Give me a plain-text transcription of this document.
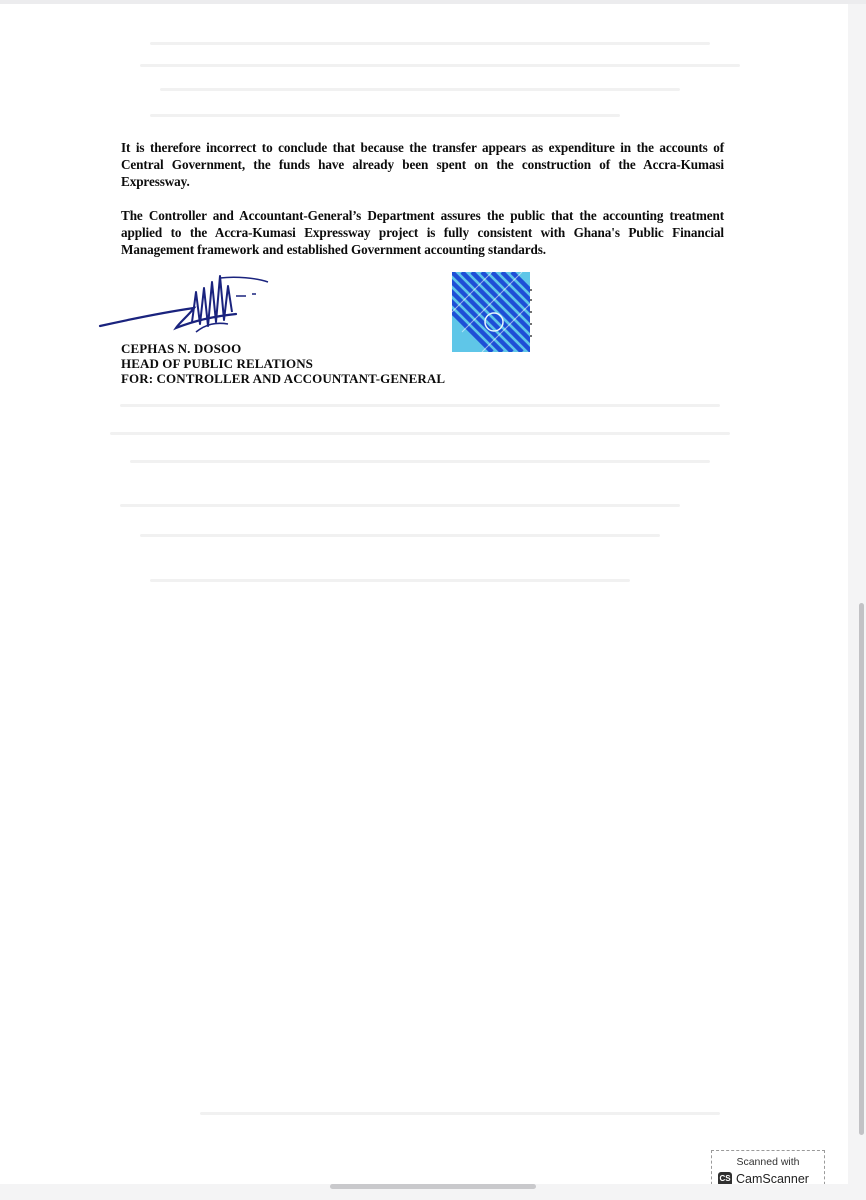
It is therefore incorrect to conclude that because the transfer appears as expenditure in the accounts of Central Government, the funds have already been spent on the construction of the Accra-Kumasi Expressway.

The Controller and Accountant-General’s Department assures the public that the accounting treatment applied to the Accra-Kumasi Expressway project is fully consistent with Ghana's Public Financial Management framework and established Government accounting standards.

CEPHAS N. DOSOO

HEAD OF PUBLIC RELATIONS

FOR: CONTROLLER AND ACCOUNTANT-GENERAL

Scanned with
CS CamScanner
